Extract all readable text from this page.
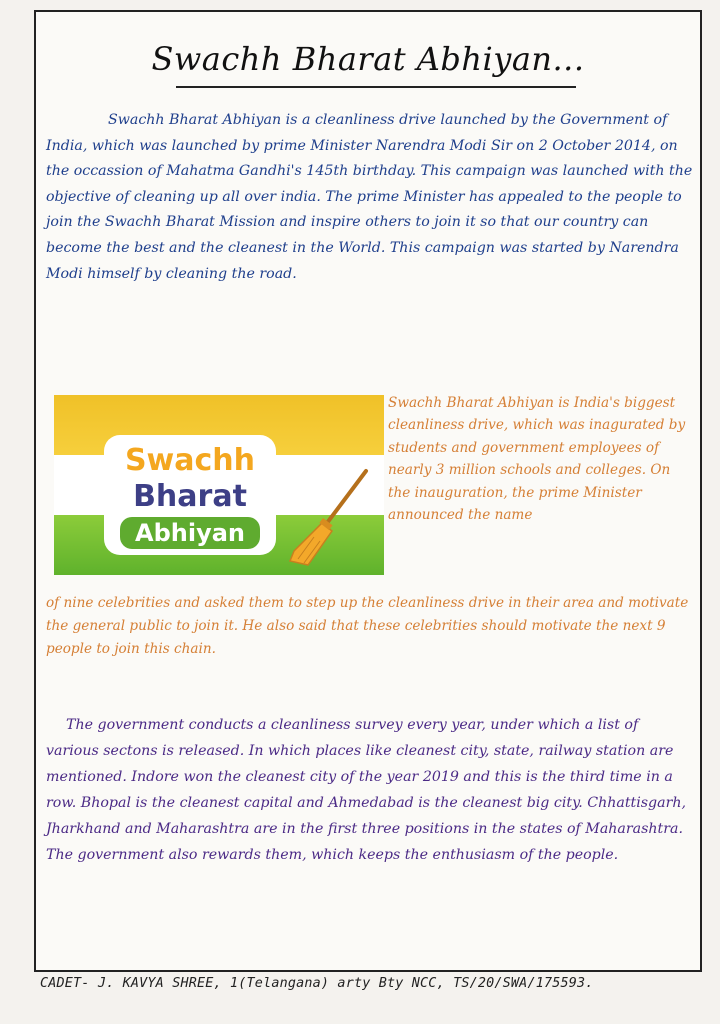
Swachh Bharat Abhiyan...
Swachh Bharat Abhiyan is a cleanliness drive launched by the Government of India, which was launched by prime Minister Narendra Modi Sir on 2 October 2014, on the occassion of Mahatma Gandhi's 145th birthday. This campaign was launched with the objective of cleaning up all over india. The prime Minister has appealed to the people to join the Swachh Bharat Mission and inspire others to join it so that our country can become the best and the cleanest in the World. This campaign was started by Narendra Modi himself by cleaning the road.
Swachh
Bharat
Abhiyan
Swachh Bharat Abhiyan is India's biggest cleanliness drive, which was inagurated by students and government employees of nearly 3 million schools and colleges. On the inauguration, the prime Minister announced the name
of nine celebrities and asked them to step up the cleanliness drive in their area and motivate the general public to join it. He also said that these celebrities should motivate the next 9 people to join this chain.
The government conducts a cleanliness survey every year, under which a list of various sectons is released. In which places like cleanest city, state, railway station are mentioned. Indore won the cleanest city of the year 2019 and this is the third time in a row. Bhopal is the cleanest capital and Ahmedabad is the cleanest big city. Chhattisgarh, Jharkhand and Maharashtra are in the first three positions in the states of Maharashtra. The government also rewards them, which keeps the enthusiasm of the people.
CADET- J. KAVYA SHREE, 1(Telangana) arty Bty NCC, TS/20/SWA/175593.
